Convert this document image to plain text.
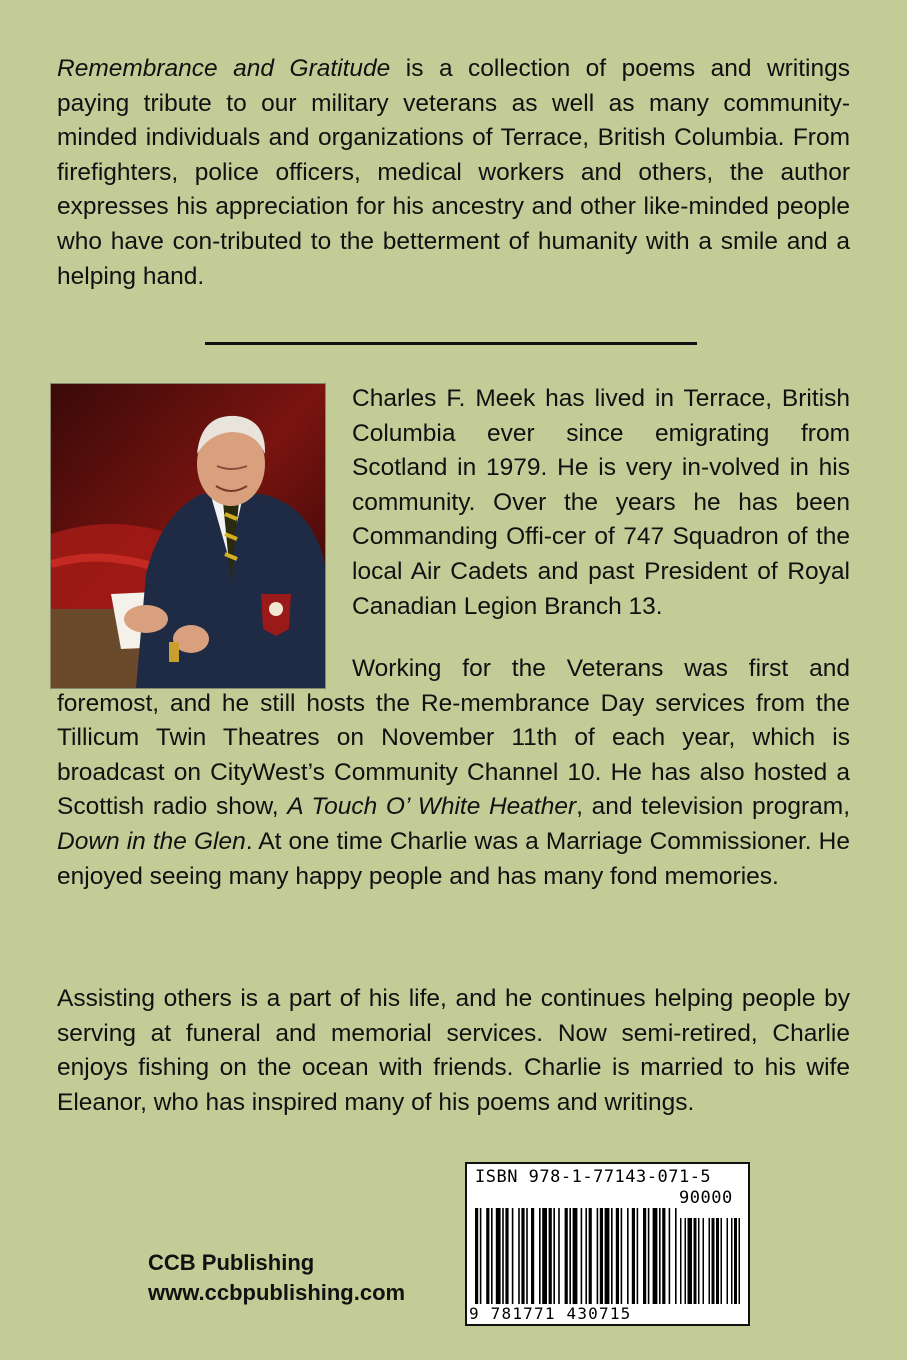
Remembrance and Gratitude is a collection of poems and writings paying tribute to our military veterans as well as many community-minded individuals and organizations of Terrace, British Columbia. From firefighters, police officers, medical workers and others, the author expresses his appreciation for his ancestry and other like-minded people who have con-tributed to the betterment of humanity with a smile and a helping hand.

Charles F. Meek has lived in Terrace, British Columbia ever since emigrating from Scotland in 1979. He is very in-volved in his community. Over the years he has been Commanding Offi-cer of 747 Squadron of the local Air Cadets and past President of Royal Canadian Legion Branch 13.

Working for the Veterans was first and foremost, and he still hosts the Re-membrance Day services from the Tillicum Twin Theatres on November 11th of each year, which is broadcast on CityWest’s Community Channel 10. He has also hosted a Scottish radio show, A Touch O’ White Heather, and television program, Down in the Glen. At one time Charlie was a Marriage Commissioner. He enjoyed seeing many happy people and has many fond memories.

Assisting others is a part of his life, and he continues helping people by serving at funeral and memorial services. Now semi-retired, Charlie enjoys fishing on the ocean with friends. Charlie is married to his wife Eleanor, who has inspired many of his poems and writings.

CCB Publishing
www.ccbpublishing.com
ISBN 978-1-77143-071-5
90000
9 781771 430715
